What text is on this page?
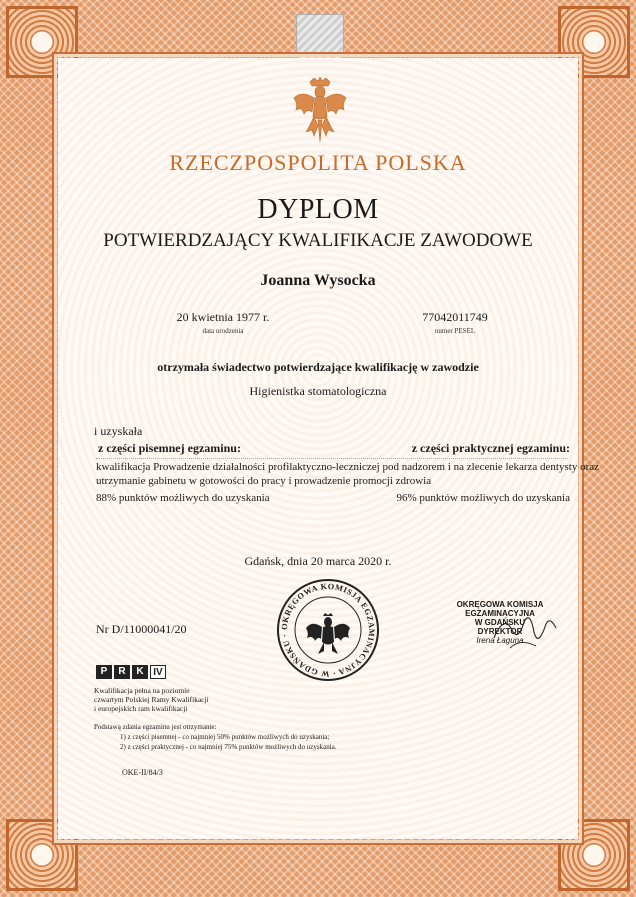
RZECZPOSPOLITA POLSKA
DYPLOM
POTWIERDZAJĄCY KWALIFIKACJE ZAWODOWE
Joanna Wysocka
20 kwietnia 1977 r.
data urodzenia
77042011749
numer PESEL
otrzymała świadectwo potwierdzające kwalifikację w zawodzie
Higienistka stomatologiczna
i uzyskała
z części pisemnej egzaminu:	z części praktycznej egzaminu:
kwalifikacja Prowadzenie działalności profilaktyczno-leczniczej pod nadzorem i na zlecenie lekarza dentysty oraz
utrzymanie gabinetu w gotowości do pracy i prowadzenie promocji zdrowia
88% punktów możliwych do uzyskania	96% punktów możliwych do uzyskania
Gdańsk, dnia 20 marca 2020 r.
Nr D/11000041/20	OKRĘGOWA KOMISJA EGZAMINACYJNA · W GDAŃSKU ·
OKRĘGOWA KOMISJA EGZAMINACYJNA
W GDAŃSKU
DYREKTOR
Irena Łaguna
P	R	K IV
Kwalifikacja pełna na poziomie
czwartym Polskiej Ramy Kwalifikacji
i europejskich ram kwalifikacji
Podstawą zdania egzaminu jest otrzymanie:
1) z części pisemnej - co najmniej 50% punktów możliwych do uzyskania;
2) z części praktycznej - co najmniej 75% punktów możliwych do uzyskania.
OKE-II/84/3
